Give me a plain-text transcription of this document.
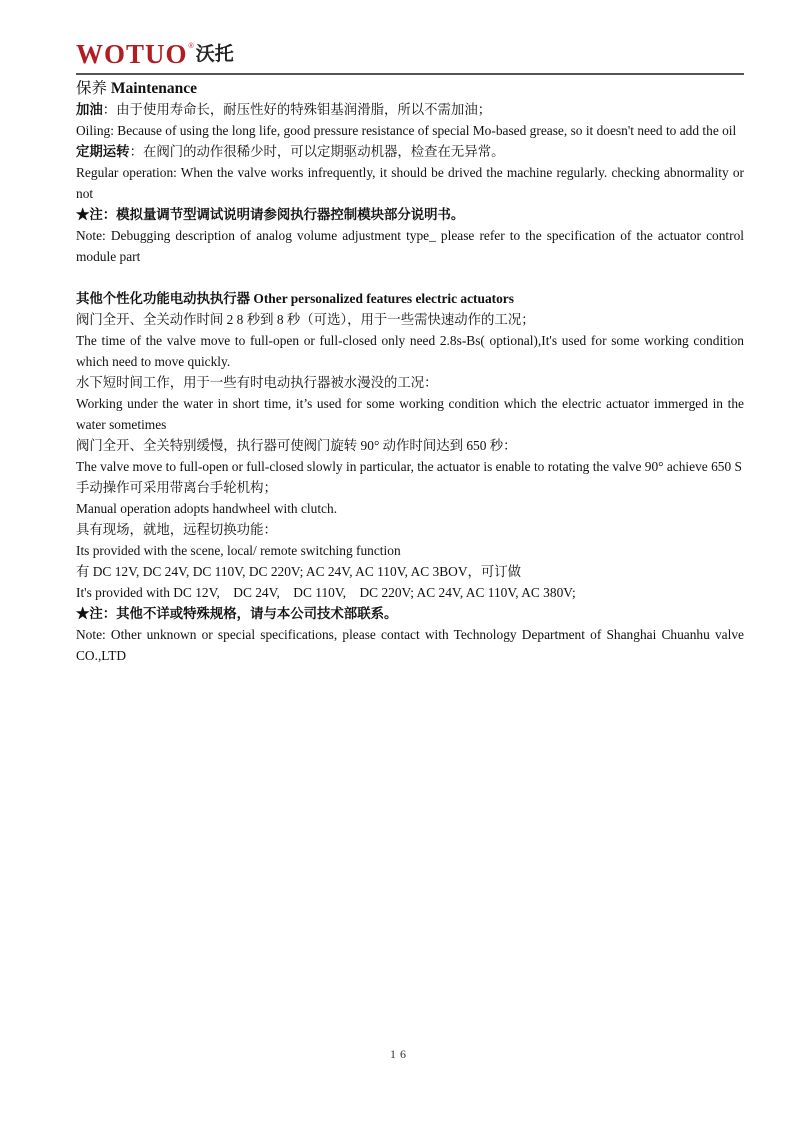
WOTUO ® 沃托

保养 Maintenance

加油：由于使用寿命长，耐压性好的特殊钼基润滑脂，所以不需加油；

Oiling: Because of using the long life, good pressure resistance of special Mo-based grease, so it doesn't need to add the oil

定期运转：在阀门的动作很稀少时，可以定期驱动机器，检查在无异常。

Regular operation: When the valve works infrequently, it should be drived the machine regularly. checking abnormality or not

★注：模拟量调节型调试说明请参阅执行器控制模块部分说明书。

Note: Debugging description of analog volume adjustment type_ please refer to the specification of the actuator control module part

其他个性化功能电动执执行器 Other personalized features electric actuators

阀门全开、全关动作时间 2 8 秒到 8 秒（可选），用于一些需快速动作的工况；

The time of the valve move to full-open or full-closed only need 2.8s-Bs( optional),It's used for some working condition which need to move quickly.

水下短时间工作，用于一些有时电动执行器被水漫没的工况：

Working under the water in short time, it’s used for some working condition which the electric actuator immerged in the water sometimes

阀门全开、全关特别缓慢，执行器可使阀门旋转 90° 动作时间达到 650 秒：

The valve move to full-open or full-closed slowly in particular, the actuator is enable to rotating the valve 90° achieve 650 S

手动操作可采用带离台手轮机构；

Manual operation adopts handwheel with clutch.

具有现场，就地，远程切换功能：

Its provided with the scene, local/ remote switching function

有 DC 12V, DC 24V, DC 110V, DC 220V; AC 24V, AC 110V, AC 3BOV，可订做

It's provided with DC 12V,    DC 24V,    DC 110V,    DC 220V; AC 24V, AC 110V, AC 380V;

★注：其他不详或特殊规格，请与本公司技术部联系。

Note: Other unknown or special specifications, please contact with Technology Department of Shanghai Chuanhu valve CO.,LTD

16
